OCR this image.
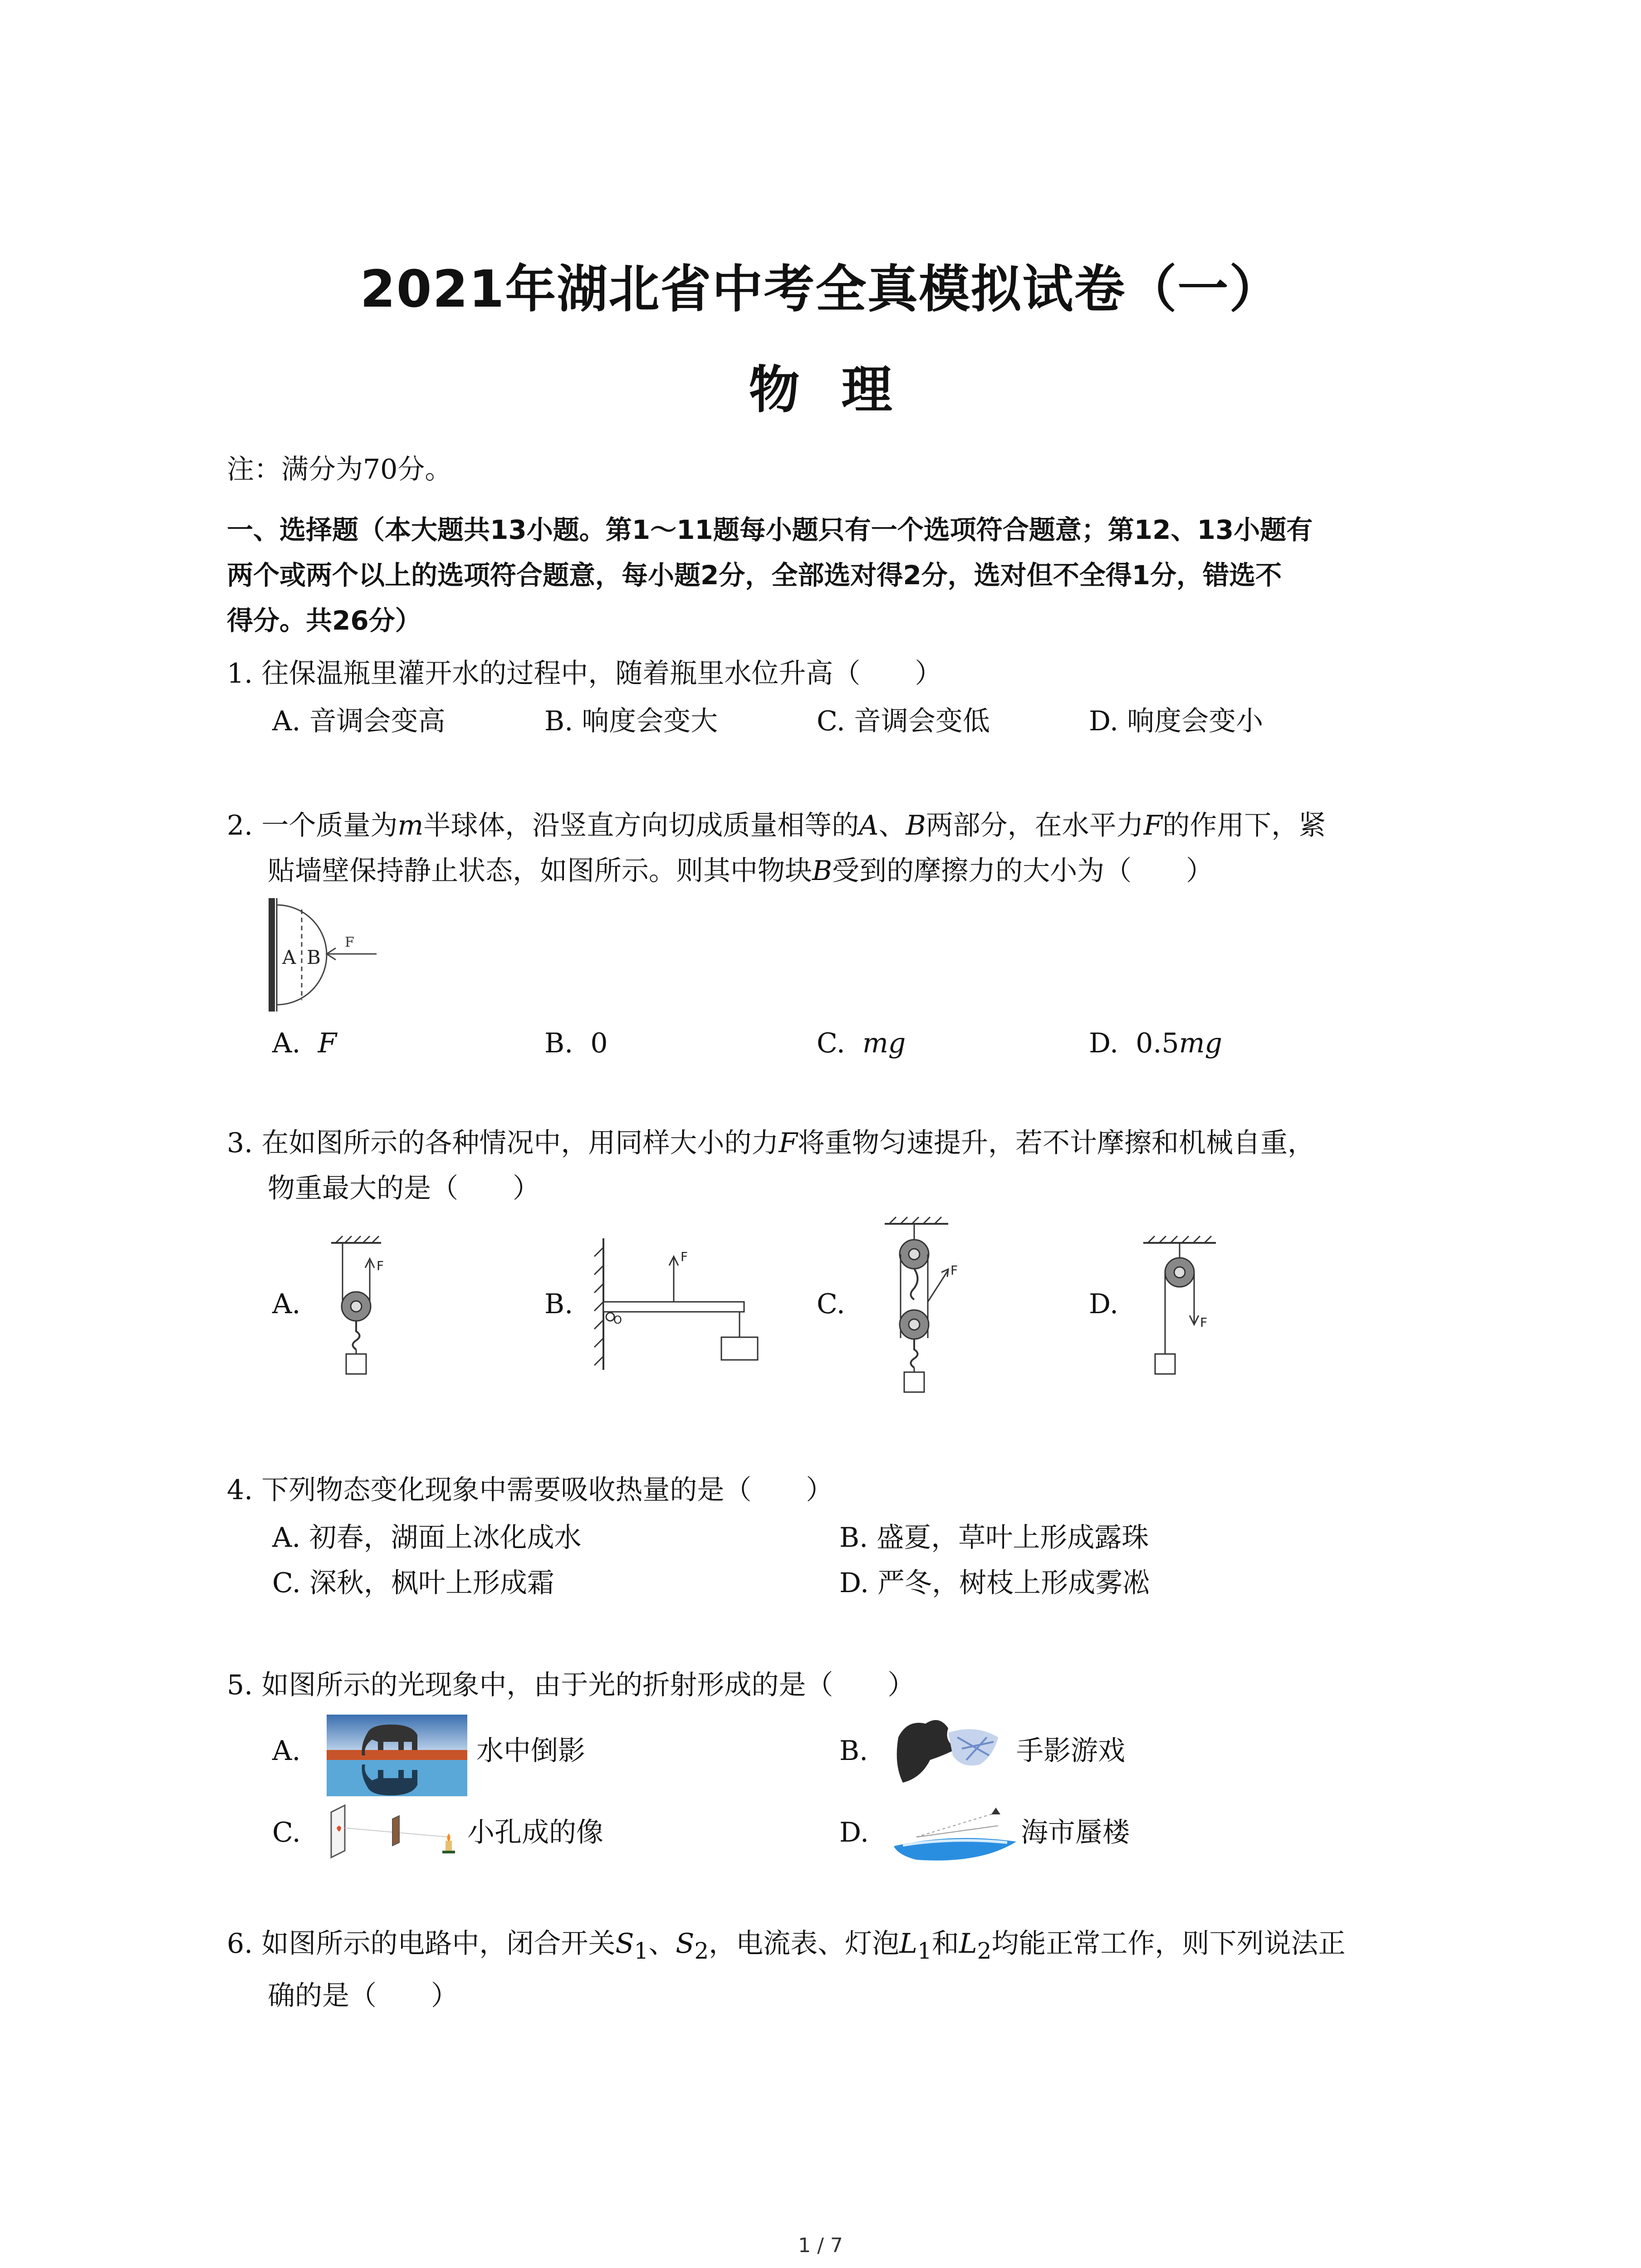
2021年湖北省中考全真模拟试卷（一）
物理
注：满分为70分。
一、选择题（本大题共13小题。第1～11题每小题只有一个选项符合题意；第12、13小题有
两个或两个以上的选项符合题意，每小题2分，全部选对得2分，选对但不全得1分，错选不
得分。共26分）
1. 往保温瓶里灌开水的过程中，随着瓶里水位升高（　　）
A. 音调会变高	B. 响度会变大	C. 音调会变低	D. 响度会变小
2. 一个质量为m半球体，沿竖直方向切成质量相等的A、B两部分，在水平力F的作用下，紧
贴墙壁保持静止状态，如图所示。则其中物块B受到的摩擦力的大小为（　　）
A B
F
A. F	B. 0	C. mg	D. 0.5mg
3. 在如图所示的各种情况中，用同样大小的力F将重物匀速提升，若不计摩擦和机械自重，
物重最大的是（　　）
A.	B.	C.	D.
F
O
F
F
F
4. 下列物态变化现象中需要吸收热量的是（　　）
A. 初春，湖面上冰化成水	B. 盛夏，草叶上形成露珠
C. 深秋，枫叶上形成霜	D. 严冬，树枝上形成雾凇
5. 如图所示的光现象中，由于光的折射形成的是（　　）
A.	水中倒影	B.	手影游戏
C.	小孔成的像	D.	海市蜃楼
6. 如图所示的电路中，闭合开关$S_1$、$S_2$，电流表、灯泡$L_1$和$L_2$均能正常工作，则下列说法正
确的是（　　）
1 / 7
